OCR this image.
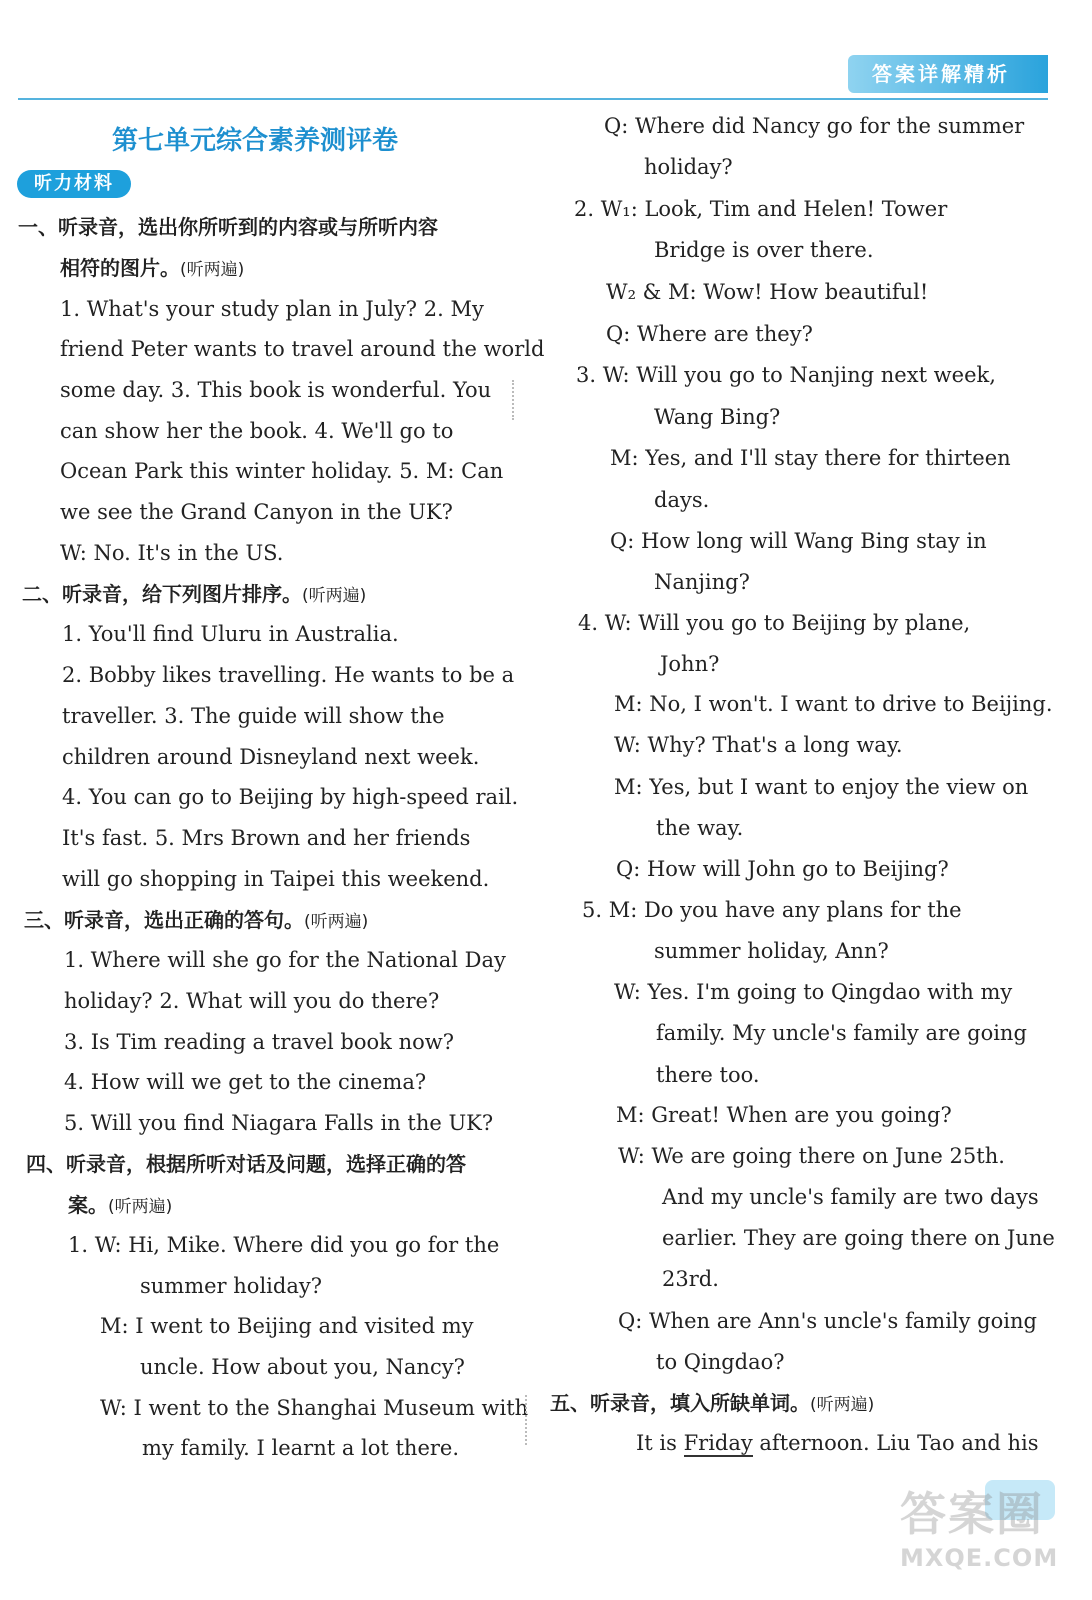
答案详解精析
第七单元综合素养测评卷
听力材料
一、听录音，选出你所听到的内容或与所听内容
相符的图片。(听两遍)
1. What's your study plan in July? 2. My
friend Peter wants to travel around the world
some day. 3. This book is wonderful. You
can show her the book. 4. We'll go to
Ocean Park this winter holiday. 5. M: Can
we see the Grand Canyon in the UK?
W: No. It's in the US.
二、听录音，给下列图片排序。(听两遍)
1. You'll find Uluru in Australia.
2. Bobby likes travelling. He wants to be a
traveller. 3. The guide will show the
children around Disneyland next week.
4. You can go to Beijing by high-speed rail.
It's fast. 5. Mrs Brown and her friends
will go shopping in Taipei this weekend.
三、听录音，选出正确的答句。(听两遍)
1. Where will she go for the National Day
holiday? 2. What will you do there?
3. Is Tim reading a travel book now?
4. How will we get to the cinema?
5. Will you find Niagara Falls in the UK?
四、听录音，根据所听对话及问题，选择正确的答
案。(听两遍)
1. W: Hi, Mike. Where did you go for the
summer holiday?
M: I went to Beijing and visited my
uncle. How about you, Nancy?
W: I went to the Shanghai Museum with
my family. I learnt a lot there.
Q: Where did Nancy go for the summer
holiday?
2. W₁: Look, Tim and Helen! Tower
Bridge is over there.
W₂ & M: Wow! How beautiful!
Q: Where are they?
3. W: Will you go to Nanjing next week,
Wang Bing?
M: Yes, and I'll stay there for thirteen
days.
Q: How long will Wang Bing stay in
Nanjing?
4. W: Will you go to Beijing by plane,
John?
M: No, I won't. I want to drive to Beijing.
W: Why? That's a long way.
M: Yes, but I want to enjoy the view on
the way.
Q: How will John go to Beijing?
5. M: Do you have any plans for the
summer holiday, Ann?
W: Yes. I'm going to Qingdao with my
family. My uncle's family are going
there too.
M: Great! When are you going?
W: We are going there on June 25th.
And my uncle's family are two days
earlier. They are going there on June
23rd.
Q: When are Ann's uncle's family going
to Qingdao?
五、听录音，填入所缺单词。(听两遍)
It is Friday afternoon. Liu Tao and his
答案圈
MXQE.COM
